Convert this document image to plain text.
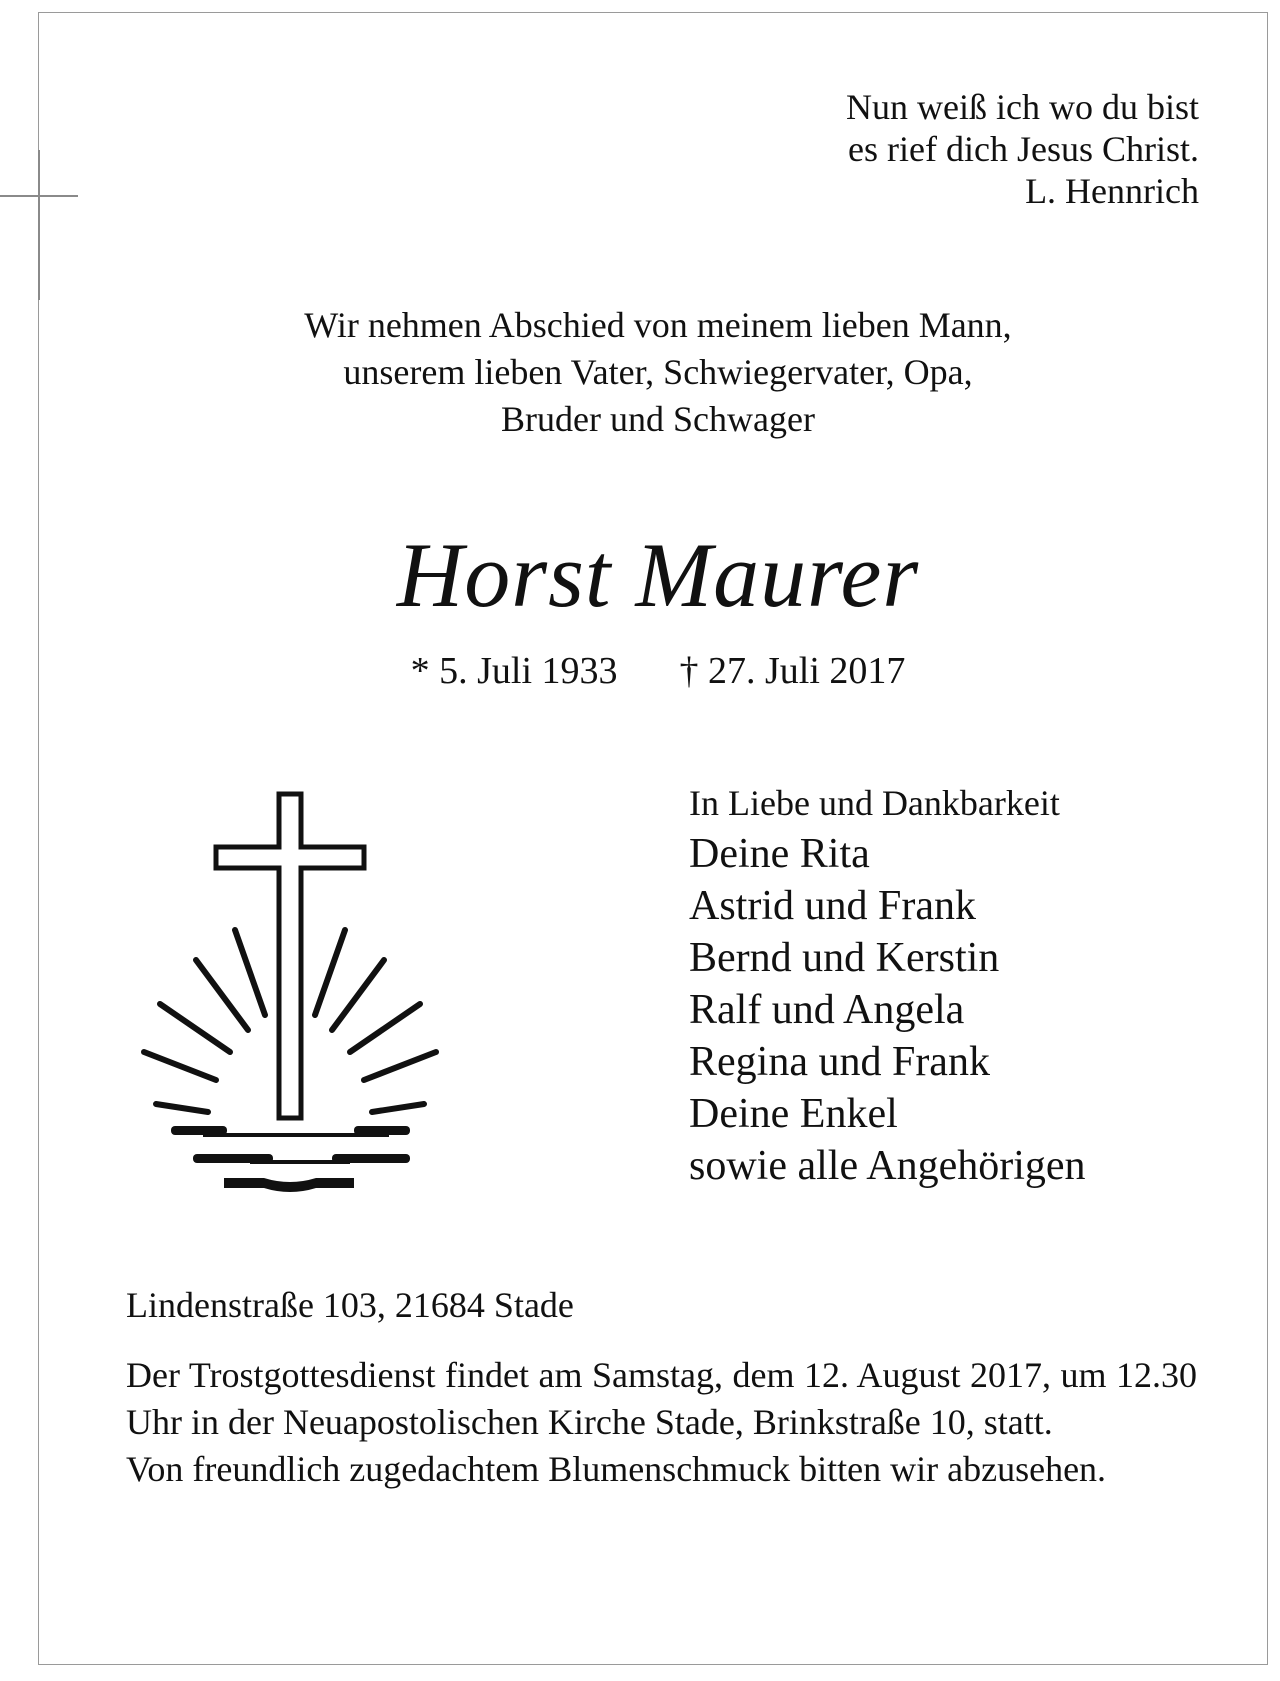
Nun weiß ich wo du bist
es rief dich Jesus Christ.
L. Hennrich
Wir nehmen Abschied von meinem lieben Mann,
unserem lieben Vater, Schwiegervater, Opa,
Bruder und Schwager
Horst Maurer
* 5. Juli 1933 † 27. Juli 2017
In Liebe und Dankbarkeit
Deine Rita
Astrid und Frank
Bernd und Kerstin
Ralf und Angela
Regina und Frank
Deine Enkel
sowie alle Angehörigen
Lindenstraße 103, 21684 Stade

Der Trostgottesdienst findet am Samstag, dem 12. August 2017, um 12.30 Uhr in der Neuapostolischen Kirche Stade, Brinkstraße 10, statt.

Von freundlich zugedachtem Blumenschmuck bitten wir abzusehen.
